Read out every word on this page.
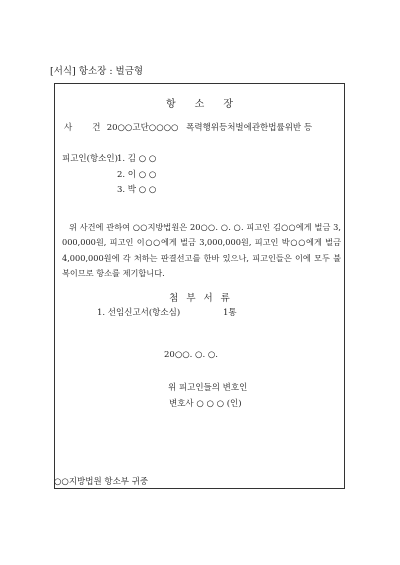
[서식] 항소장 : 벌금형
항소장
사 건 20○○고단○○○○ 폭력행위등처벌에관한법률위반 등
피고인(항소인) 1. 김 ○ ○
2. 이 ○ ○
3. 박 ○ ○
위 사건에 관하여 ○○지방법원은 20○○. ○. ○. 피고인 김○○에게 벌금 3,000,000원, 피고인 이○○에게 벌금 3,000,000원, 피고인 박○○에게 벌금 4,000,000원에 각 처하는 판결선고를 한바 있으나, 피고인들은 이에 모두 불복이므로 항소를 제기합니다.
첨부서류
1. 선임신고서(항소심)	1통
20○○. ○. ○.
위 피고인들의 변호인
변호사 ○ ○ ○ (인)
○○지방법원 항소부 귀중
